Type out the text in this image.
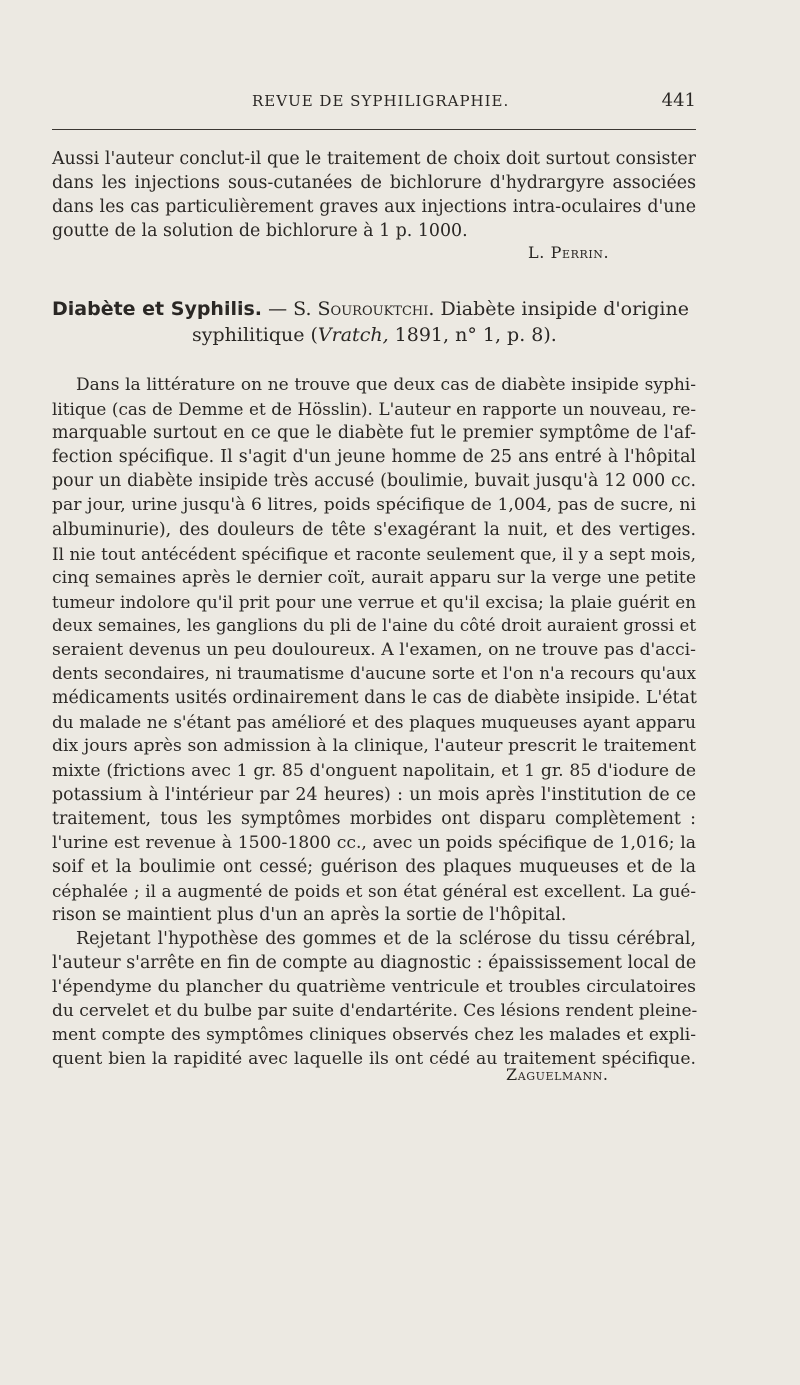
REVUE DE SYPHILIGRAPHIE.	441
Aussi l'auteur conclut-il que le traitement de choix doit surtout consister
dans les injections sous-cutanées de bichlorure d'hydrargyre associées
dans les cas particulièrement graves aux injections intra-oculaires d'une
goutte de la solution de bichlorure à 1 p. 1000.
L. Perrin.
Diabète et Syphilis. — S. Sourouktchi. Diabète insipide d'origine
syphilitique (Vratch, 1891, n° 1, p. 8).
Dans la littérature on ne trouve que deux cas de diabète insipide syphi-
litique (cas de Demme et de Hösslin). L'auteur en rapporte un nouveau, re-
marquable surtout en ce que le diabète fut le premier symptôme de l'af-
fection spécifique. Il s'agit d'un jeune homme de 25 ans entré à l'hôpital
pour un diabète insipide très accusé (boulimie, buvait jusqu'à 12 000 cc.
par jour, urine jusqu'à 6 litres, poids spécifique de 1,004, pas de sucre, ni
albuminurie), des douleurs de tête s'exagérant la nuit, et des vertiges.
Il nie tout antécédent spécifique et raconte seulement que, il y a sept mois,
cinq semaines après le dernier coït, aurait apparu sur la verge une petite
tumeur indolore qu'il prit pour une verrue et qu'il excisa; la plaie guérit en
deux semaines, les ganglions du pli de l'aine du côté droit auraient grossi et
seraient devenus un peu douloureux. A l'examen, on ne trouve pas d'acci-
dents secondaires, ni traumatisme d'aucune sorte et l'on n'a recours qu'aux
médicaments usités ordinairement dans le cas de diabète insipide. L'état
du malade ne s'étant pas amélioré et des plaques muqueuses ayant apparu
dix jours après son admission à la clinique, l'auteur prescrit le traitement
mixte (frictions avec 1 gr. 85 d'onguent napolitain, et 1 gr. 85 d'iodure de
potassium à l'intérieur par 24 heures) : un mois après l'institution de ce
traitement, tous les symptômes morbides ont disparu complètement :
l'urine est revenue à 1500-1800 cc., avec un poids spécifique de 1,016; la
soif et la boulimie ont cessé; guérison des plaques muqueuses et de la
céphalée ; il a augmenté de poids et son état général est excellent. La gué-
rison se maintient plus d'un an après la sortie de l'hôpital.
Rejetant l'hypothèse des gommes et de la sclérose du tissu cérébral,
l'auteur s'arrête en fin de compte au diagnostic : épaississement local de
l'épendyme du plancher du quatrième ventricule et troubles circulatoires
du cervelet et du bulbe par suite d'endartérite. Ces lésions rendent pleine-
ment compte des symptômes cliniques observés chez les malades et expli-
quent bien la rapidité avec laquelle ils ont cédé au traitement spécifique.
Zaguelmann.
